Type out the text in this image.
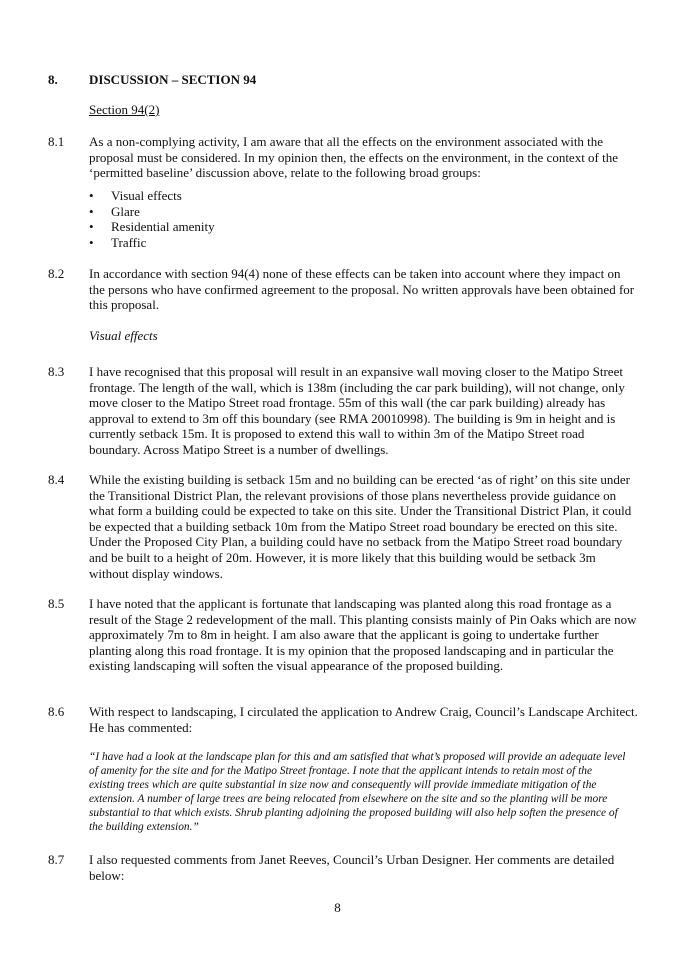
8. DISCUSSION – SECTION 94
Section 94(2)
8.1 As a non-complying activity, I am aware that all the effects on the environment associated with the proposal must be considered. In my opinion then, the effects on the environment, in the context of the ‘permitted baseline’ discussion above, relate to the following broad groups:
• Visual effects
• Glare
• Residential amenity
• Traffic
8.2 In accordance with section 94(4) none of these effects can be taken into account where they impact on the persons who have confirmed agreement to the proposal. No written approvals have been obtained for this proposal.
Visual effects
8.3 I have recognised that this proposal will result in an expansive wall moving closer to the Matipo Street frontage. The length of the wall, which is 138m (including the car park building), will not change, only move closer to the Matipo Street road frontage. 55m of this wall (the car park building) already has approval to extend to 3m off this boundary (see RMA 20010998). The building is 9m in height and is currently setback 15m. It is proposed to extend this wall to within 3m of the Matipo Street road boundary. Across Matipo Street is a number of dwellings.
8.4 While the existing building is setback 15m and no building can be erected ‘as of right’ on this site under the Transitional District Plan, the relevant provisions of those plans nevertheless provide guidance on what form a building could be expected to take on this site. Under the Transitional District Plan, it could be expected that a building setback 10m from the Matipo Street road boundary be erected on this site. Under the Proposed City Plan, a building could have no setback from the Matipo Street road boundary and be built to a height of 20m. However, it is more likely that this building would be setback 3m without display windows.
8.5 I have noted that the applicant is fortunate that landscaping was planted along this road frontage as a result of the Stage 2 redevelopment of the mall. This planting consists mainly of Pin Oaks which are now approximately 7m to 8m in height. I am also aware that the applicant is going to undertake further planting along this road frontage. It is my opinion that the proposed landscaping and in particular the existing landscaping will soften the visual appearance of the proposed building.
8.6 With respect to landscaping, I circulated the application to Andrew Craig, Council’s Landscape Architect. He has commented:
“I have had a look at the landscape plan for this and am satisfied that what’s proposed will provide an adequate level of amenity for the site and for the Matipo Street frontage. I note that the applicant intends to retain most of the existing trees which are quite substantial in size now and consequently will provide immediate mitigation of the extension. A number of large trees are being relocated from elsewhere on the site and so the planting will be more substantial to that which exists. Shrub planting adjoining the proposed building will also help soften the presence of the building extension.”
8.7 I also requested comments from Janet Reeves, Council’s Urban Designer. Her comments are detailed below:
8
